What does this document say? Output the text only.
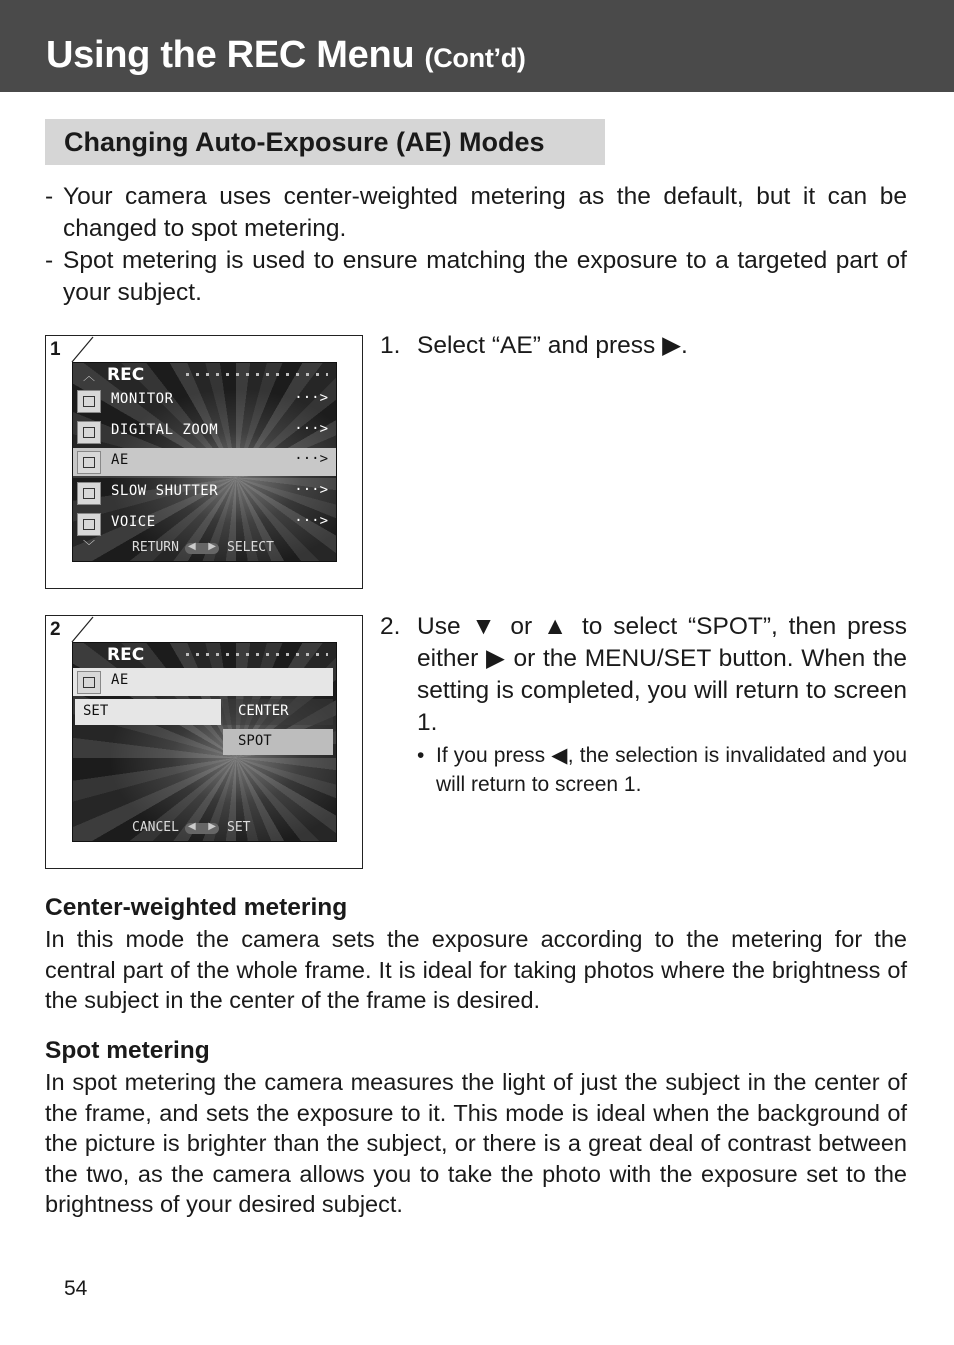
Using the REC Menu (Cont’d)
Changing Auto-Exposure (AE) Modes
- Your camera uses center-weighted metering as the default, but it can be changed to spot metering.
- Spot metering is used to ensure matching the exposure to a targeted part of your subject.
1
︿ REC
MONITOR	···>
DIGITAL ZOOM	···>
AE	···>
SLOW SHUTTER	···>
VOICE	···>
﹀	RETURN ◀ ▶ SELECT
2
REC
AE
SET	CENTER
SPOT
CANCEL ◀ ▶ SET
1. Select “AE” and press ▶.
2. Use ▼ or ▲ to select “SPOT”, then press either ▶ or the MENU/SET button. When the setting is completed, you will return to screen 1.
• If you press ◀, the selection is invalidated and you will return to screen 1.
Center-weighted metering
In this mode the camera sets the exposure according to the metering for the central part of the whole frame. It is ideal for taking photos where the brightness of the subject in the center of the frame is desired.
Spot metering
In spot metering the camera measures the light of just the subject in the center of the frame, and sets the exposure to it. This mode is ideal when the background of the picture is brighter than the subject, or there is a great deal of contrast between the two, as the camera allows you to take the photo with the exposure set to the brightness of your desired subject.
54
